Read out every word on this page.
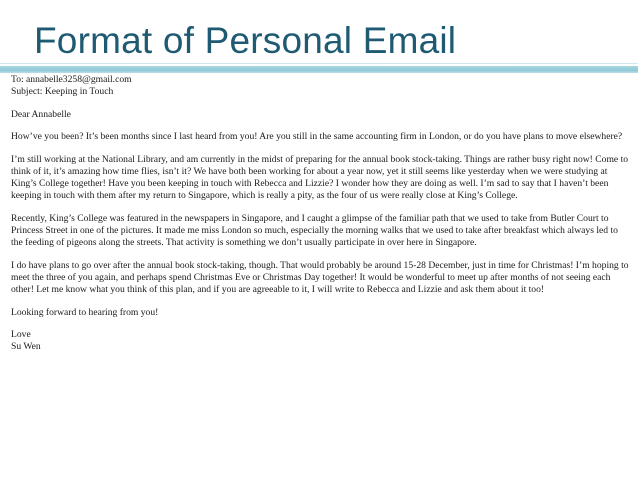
Format of Personal Email

To: annabelle3258@gmail.com

Subject: Keeping in Touch

Dear Annabelle

How’ve you been? It’s been months since I last heard from you! Are you still in the same accounting firm in London, or do you have plans to move elsewhere?

I’m still working at the National Library, and am currently in the midst of preparing for the annual book stock-taking. Things are rather busy right now! Come to think of it, it’s amazing how time flies, isn’t it? We have both been working for about a year now, yet it still seems like yesterday when we were studying at King’s College together! Have you been keeping in touch with Rebecca and Lizzie? I wonder how they are doing as well. I’m sad to say that I haven’t been keeping in touch with them after my return to Singapore, which is really a pity, as the four of us were really close at King’s College.

Recently, King’s College was featured in the newspapers in Singapore, and I caught a glimpse of the familiar path that we used to take from Butler Court to Princess Street in one of the pictures. It made me miss London so much, especially the morning walks that we used to take after breakfast which always led to the feeding of pigeons along the streets. That activity is something we don’t usually participate in over here in Singapore.

I do have plans to go over after the annual book stock-taking, though. That would probably be around 15-28 December, just in time for Christmas! I’m hoping to meet the three of you again, and perhaps spend Christmas Eve or Christmas Day together! It would be wonderful to meet up after months of not seeing each other! Let me know what you think of this plan, and if you are agreeable to it, I will write to Rebecca and Lizzie and ask them about it too!

Looking forward to hearing from you!

Love

Su Wen
